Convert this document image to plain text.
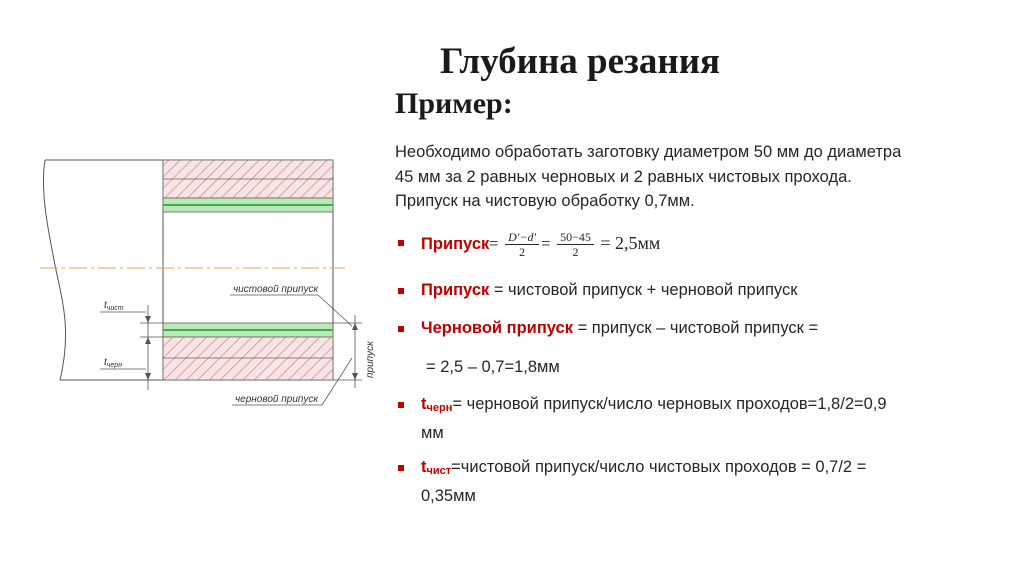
$t_{чист}$
$t_{черн}$
чистовой припуск
черновой припуск
припуск
Глубина резания
Пример:

Необходимо обработать заготовку диаметром 50 мм до диаметра
45 мм за 2 равных черновых и 2 равных чистовых прохода.
Припуск на чистовую обработку 0,7мм.

Припуск= $\frac{D'-d'}{2} = \frac{50-45}{2} = 2,5мм$
Припуск = чистовой припуск + черновой припуск
Черновой припуск = припуск – чистовой припуск =
tчерн= черновой припуск/число черновых проходов=1,8/2=0,9
мм
tчист=чистовой припуск/число чистовых проходов = 0,7/2 =
0,35мм
= 2,5 – 0,7=1,8мм
